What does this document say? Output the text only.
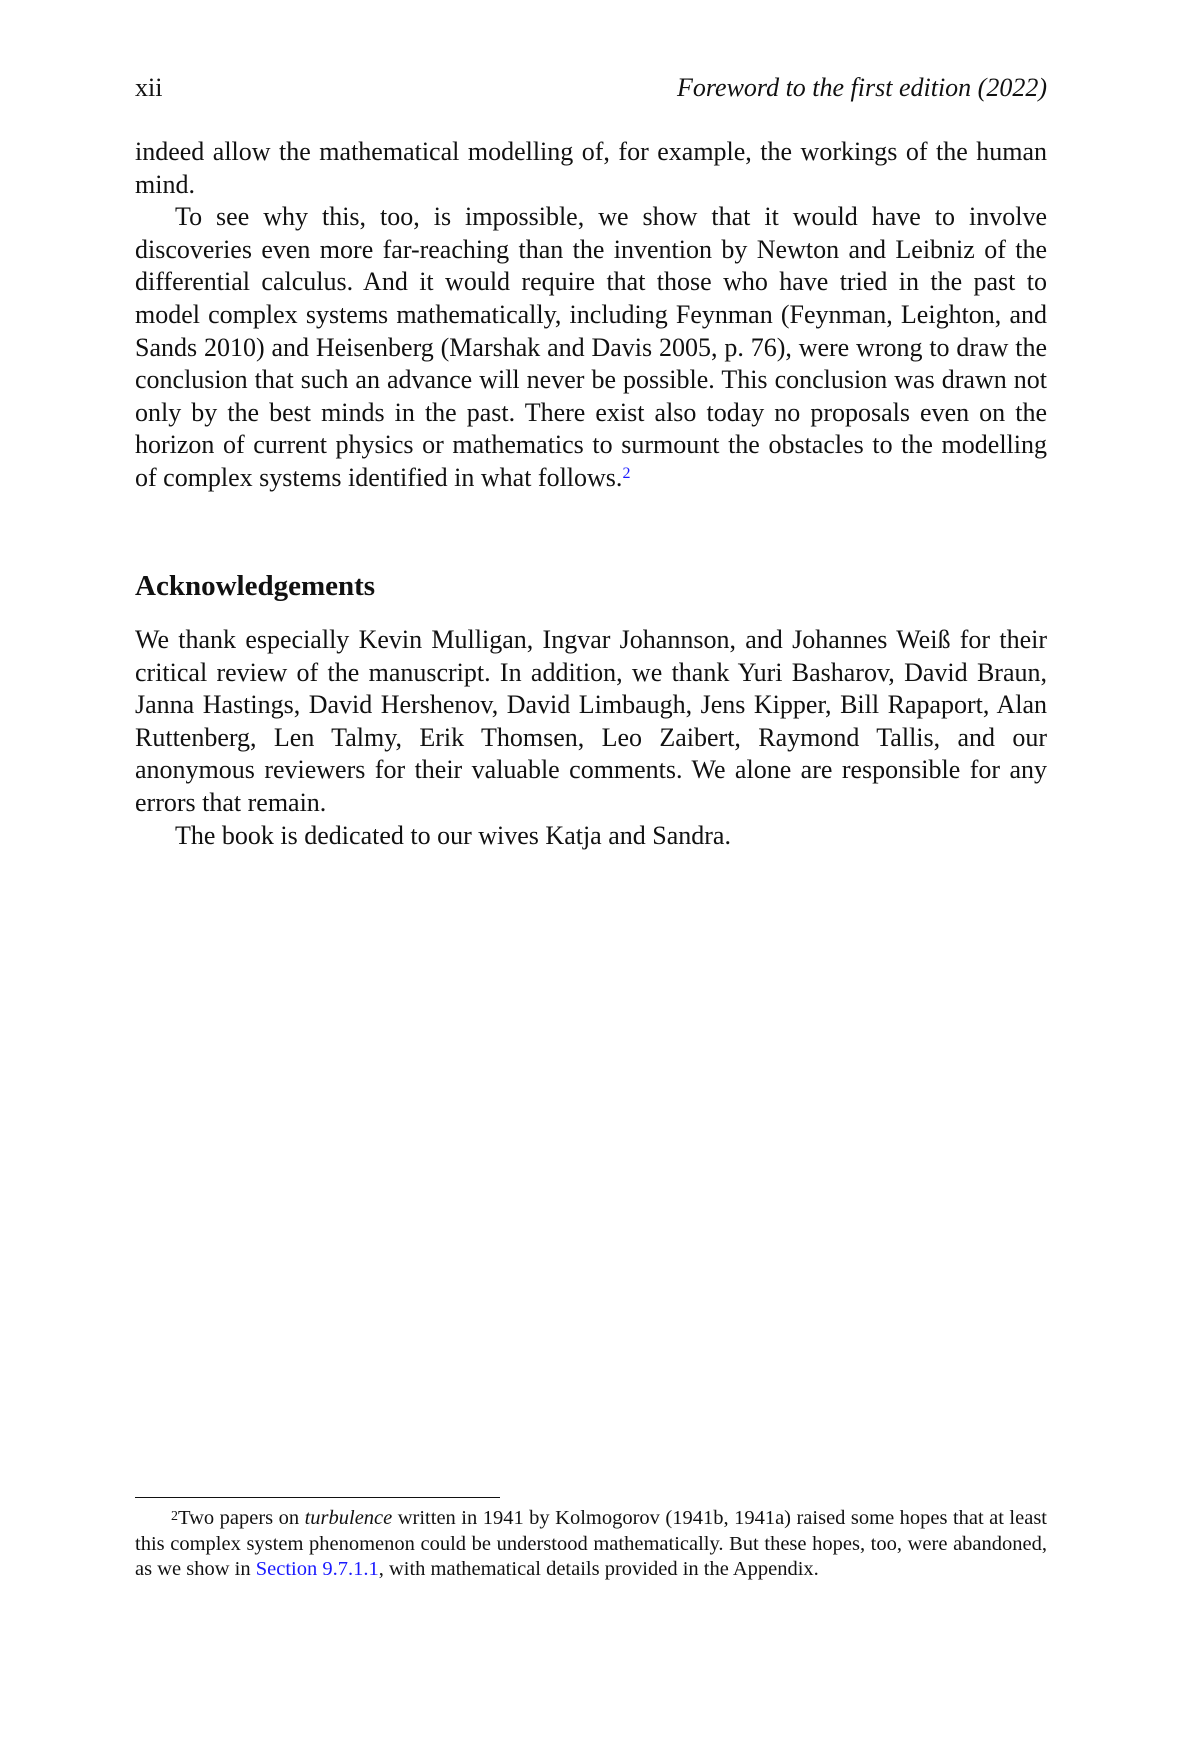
xii	Foreword to the first edition (2022)

indeed allow the mathematical modelling of, for example, the workings of the human mind.

To see why this, too, is impossible, we show that it would have to involve discoveries even more far-reaching than the invention by Newton and Leibniz of the differential calculus. And it would require that those who have tried in the past to model complex systems mathematically, including Feynman (Feynman, Leighton, and Sands 2010) and Heisenberg (Marshak and Davis 2005, p. 76), were wrong to draw the conclusion that such an advance will never be possible. This conclusion was drawn not only by the best minds in the past. There exist also today no proposals even on the horizon of current physics or mathematics to surmount the obstacles to the modelling of complex systems identified in what follows.$^2$

Acknowledgements

We thank especially Kevin Mulligan, Ingvar Johannson, and Johannes Weiß for their critical review of the manuscript. In addition, we thank Yuri Basharov, David Braun, Janna Hastings, David Hershenov, David Limbaugh, Jens Kipper, Bill Rapaport, Alan Ruttenberg, Len Talmy, Erik Thomsen, Leo Zaibert, Raymond Tallis, and our anonymous reviewers for their valuable comments. We alone are responsible for any errors that remain.

The book is dedicated to our wives Katja and Sandra.

$^2$Two papers on turbulence written in 1941 by Kolmogorov (1941b, 1941a) raised some hopes that at least this complex system phenomenon could be understood mathematically. But these hopes, too, were abandoned, as we show in Section 9.7.1.1, with mathematical details provided in the Appendix.
